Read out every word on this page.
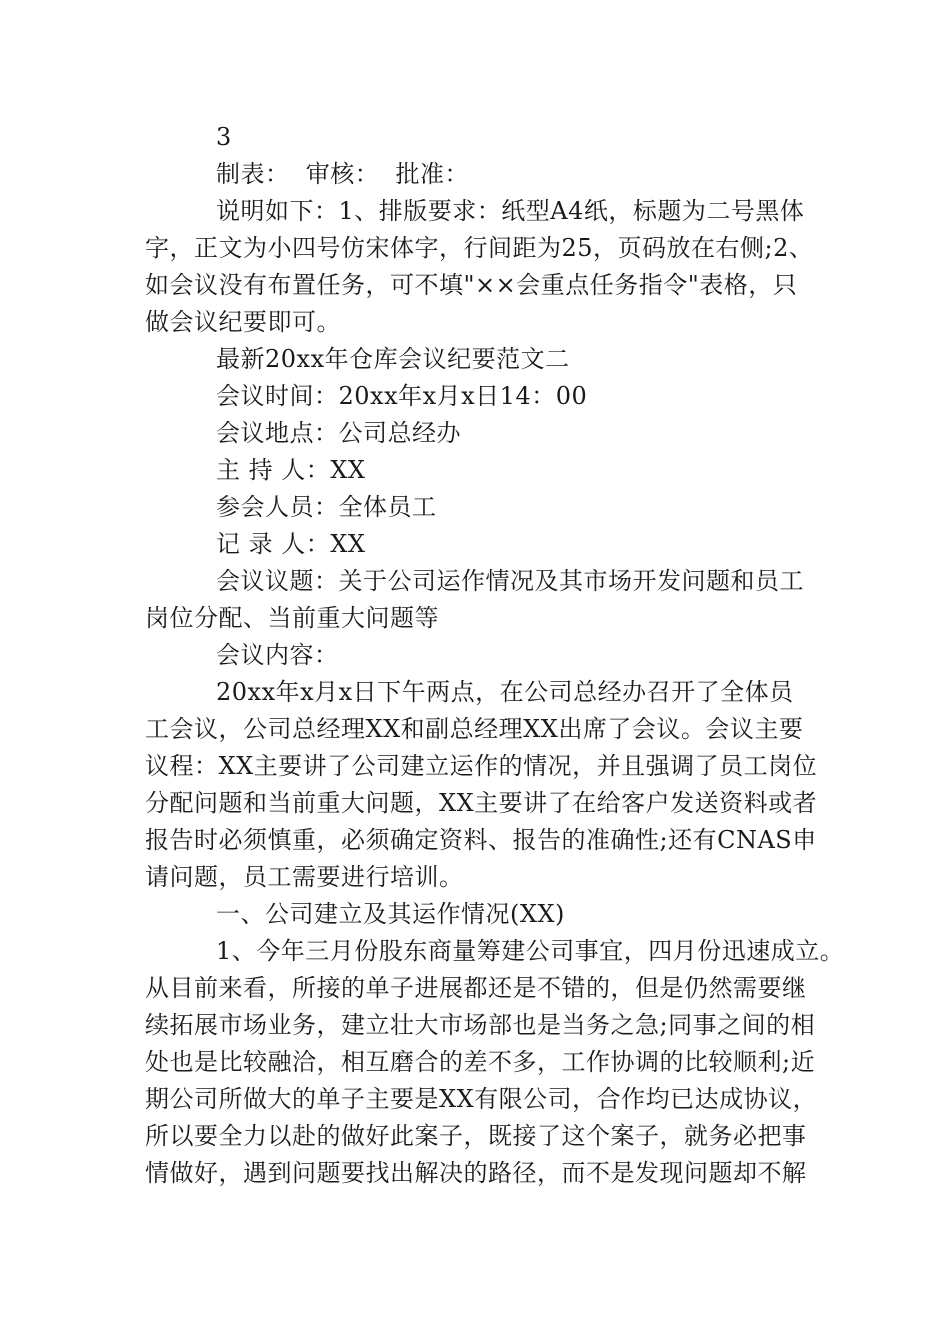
3
制表：  审核：  批准：
说明如下：1、排版要求：纸型A4纸，标题为二号黑体
字，正文为小四号仿宋体字，行间距为25，页码放在右侧;2、
如会议没有布置任务，可不填"××会重点任务指令"表格，只
做会议纪要即可。
最新20xx年仓库会议纪要范文二
会议时间：20xx年x月x日14：00
会议地点：公司总经办
主 持 人：XX
参会人员：全体员工
记 录 人：XX
会议议题：关于公司运作情况及其市场开发问题和员工
岗位分配、当前重大问题等
会议内容：
20xx年x月x日下午两点，在公司总经办召开了全体员
工会议，公司总经理XX和副总经理XX出席了会议。会议主要
议程：XX主要讲了公司建立运作的情况，并且强调了员工岗位
分配问题和当前重大问题，XX主要讲了在给客户发送资料或者
报告时必须慎重，必须确定资料、报告的准确性;还有CNAS申
请问题，员工需要进行培训。
一、公司建立及其运作情况(XX)
1、今年三月份股东商量筹建公司事宜，四月份迅速成立。
从目前来看，所接的单子进展都还是不错的，但是仍然需要继
续拓展市场业务，建立壮大市场部也是当务之急;同事之间的相
处也是比较融洽，相互磨合的差不多，工作协调的比较顺利;近
期公司所做大的单子主要是XX有限公司，合作均已达成协议，
所以要全力以赴的做好此案子，既接了这个案子，就务必把事
情做好，遇到问题要找出解决的路径，而不是发现问题却不解
